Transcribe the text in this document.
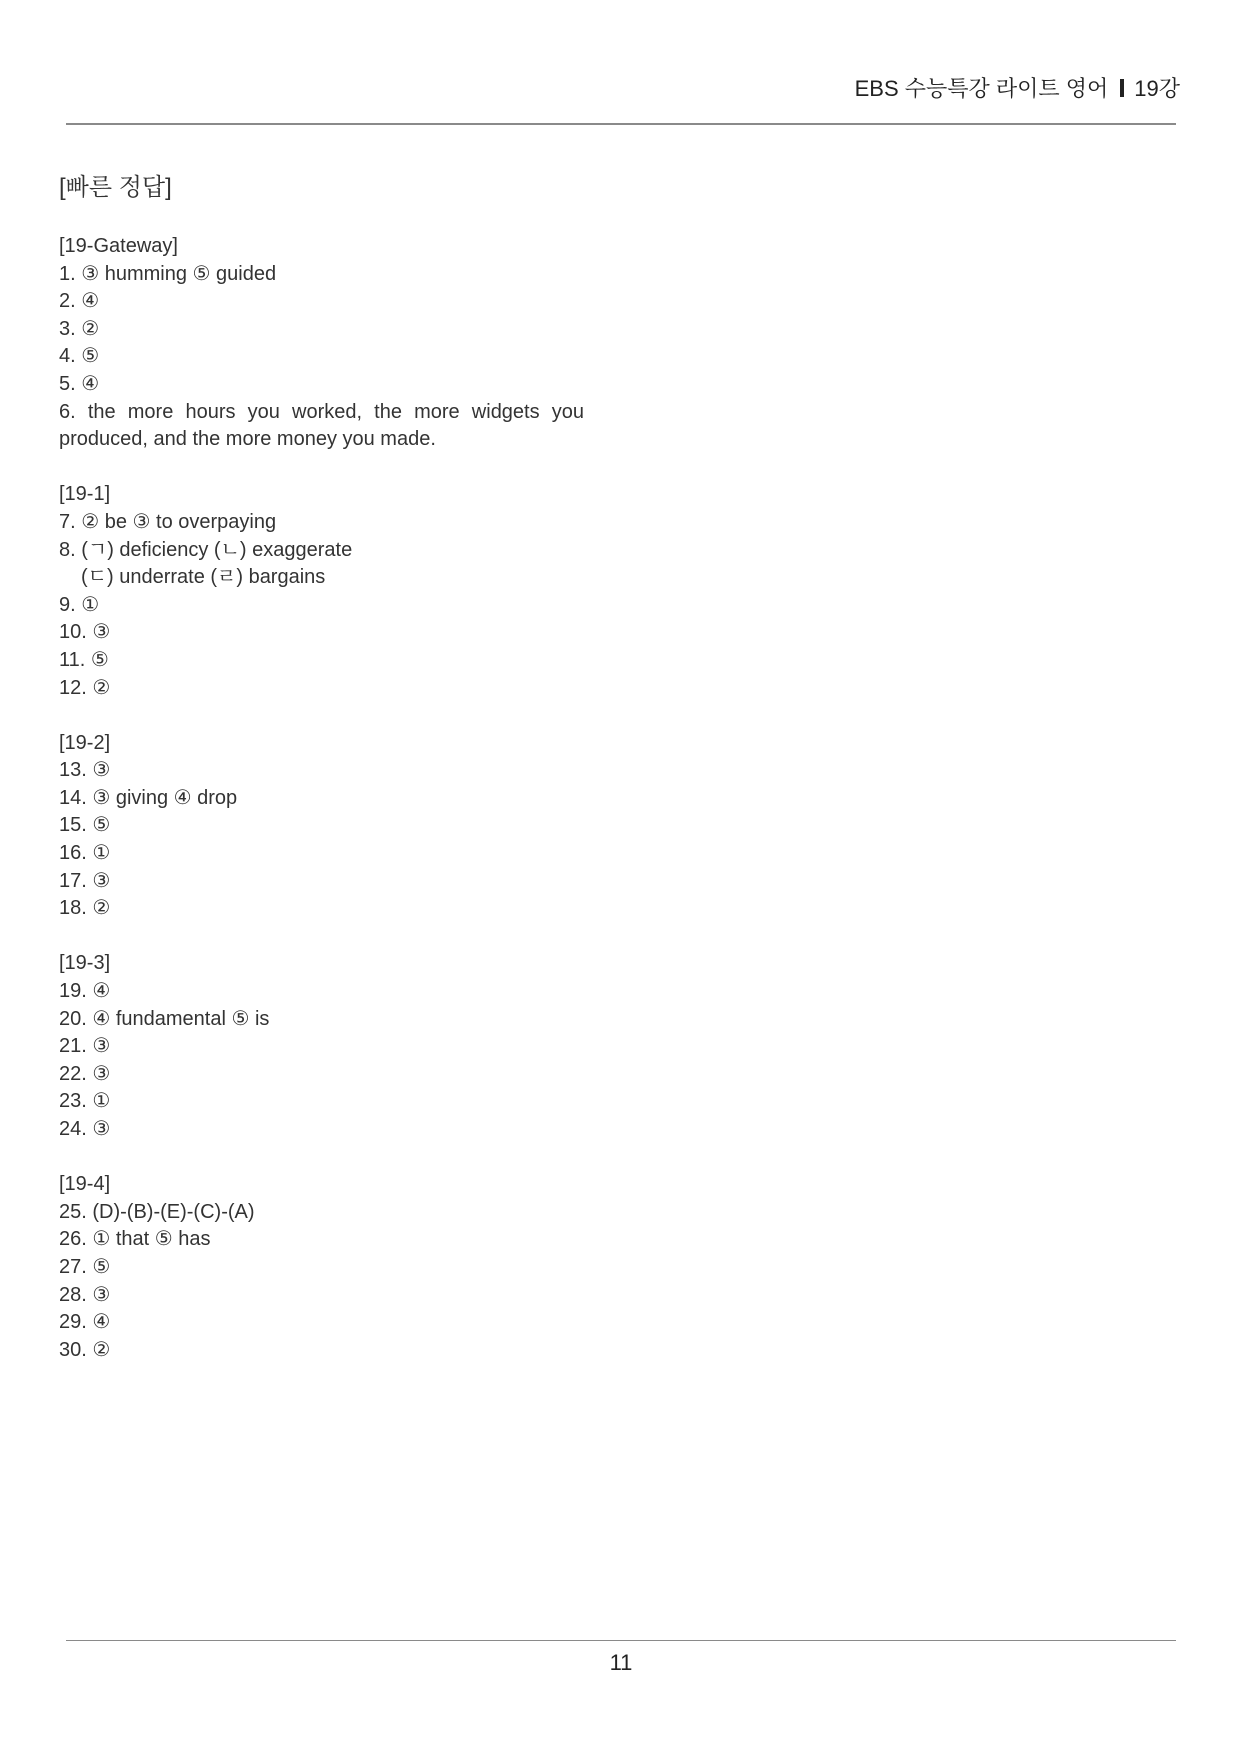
EBS 수능특강 라이트 영어 19강
[빠른 정답]

[19-Gateway]

1. ③ humming ⑤ guided

2. ④

3. ②

4. ⑤

5. ④

6. the more hours you worked, the more widgets you produced, and the more money you made.

[19-1]

7. ② be ③ to overpaying

8. (ㄱ) deficiency (ㄴ) exaggerate

(ㄷ) underrate (ㄹ) bargains

9. ①

10. ③

11. ⑤

12. ②

[19-2]

13. ③

14. ③ giving ④ drop

15. ⑤

16. ①

17. ③

18. ②

[19-3]

19. ④

20. ④ fundamental ⑤ is

21. ③

22. ③

23. ①

24. ③

[19-4]

25. (D)-(B)-(E)-(C)-(A)

26. ① that ⑤ has

27. ⑤

28. ③

29. ④

30. ②

11
